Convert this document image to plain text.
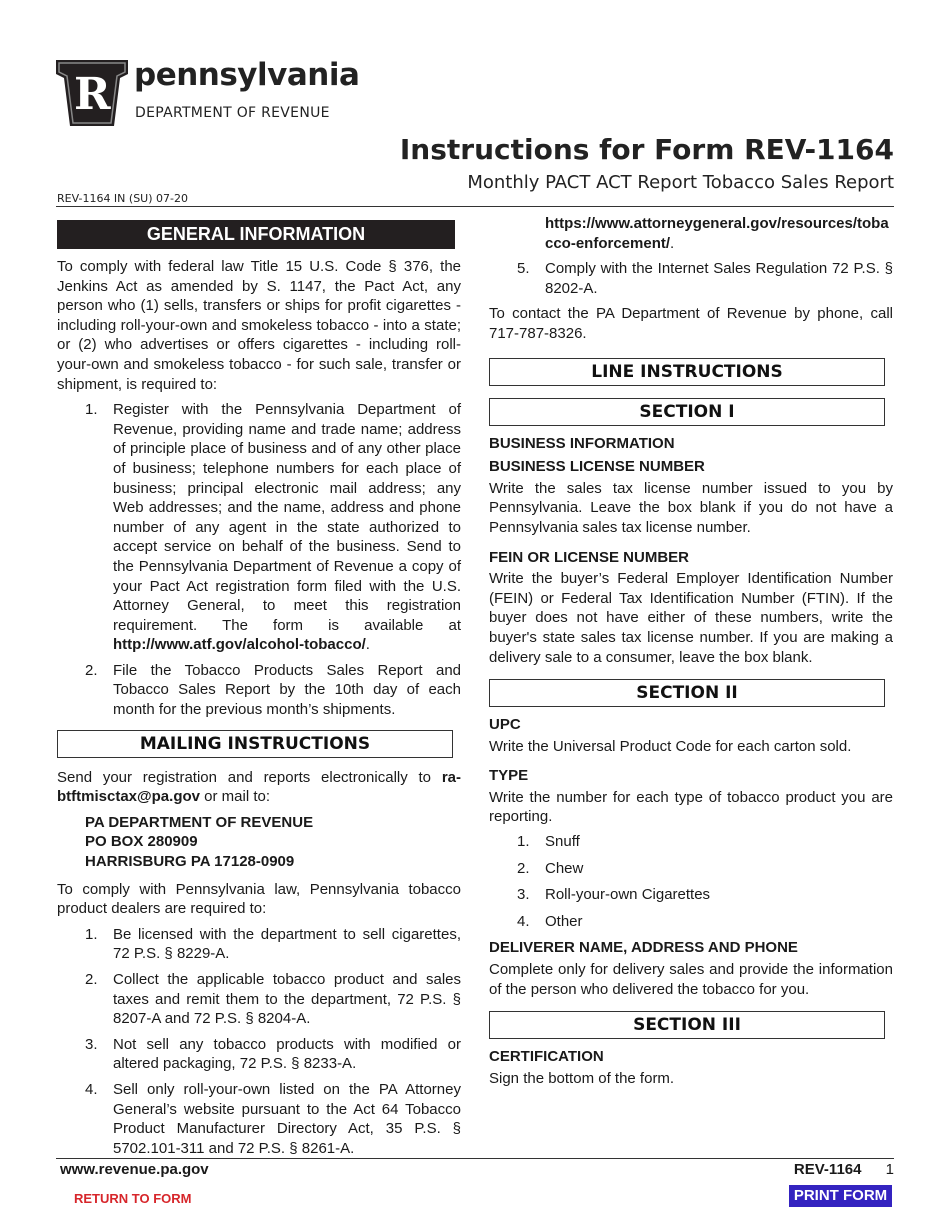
R pennsylvania
DEPARTMENT OF REVENUE
Instructions for Form REV-1164
Monthly PACT ACT Report Tobacco Sales Report
REV-1164 IN (SU) 07-20
GENERAL INFORMATION

To comply with federal law Title 15 U.S. Code § 376, the Jenkins Act as amended by S. 1147, the Pact Act, any person who (1) sells, transfers or ships for profit cigarettes - including roll-your-own and smokeless tobacco - into a state; or (2) who advertises or offers cigarettes - including roll-your-own and smokeless tobacco - for such sale, transfer or shipment, is required to:

1. Register with the Pennsylvania Department of Revenue, providing name and trade name; address of principle place of business and of any other place of business; telephone numbers for each place of business; principal electronic mail address; any Web addresses; and the name, address and phone number of any agent in the state authorized to accept service on behalf of the business. Send to the Pennsylvania Department of Revenue a copy of your Pact Act registration form filed with the U.S. Attorney General, to meet this registration requirement. The form is available at http://www.atf.gov/alcohol-tobacco/.
2. File the Tobacco Products Sales Report and Tobacco Sales Report by the 10th day of each month for the previous month’s shipments.
MAILING INSTRUCTIONS

Send your registration and reports electronically to ra-btftmisctax@pa.gov or mail to:

PA DEPARTMENT OF REVENUE
PO BOX 280909
HARRISBURG PA 17128-0909

To comply with Pennsylvania law, Pennsylvania tobacco product dealers are required to:

1. Be licensed with the department to sell cigarettes, 72 P.S. § 8229-A.
2. Collect the applicable tobacco product and sales taxes and remit them to the department, 72 P.S. § 8207-A and 72 P.S. § 8204-A.
3. Not sell any tobacco products with modified or altered packaging, 72 P.S. § 8233-A.
4. Sell only roll-your-own listed on the PA Attorney General’s website pursuant to the Act 64 Tobacco Product Manufacturer Directory Act, 35 P.S. § 5702.101-311 and 72 P.S. § 8261-A.
https://www.attorneygeneral.gov/resources/tobacco-enforcement/.
5. Comply with the Internet Sales Regulation 72 P.S. § 8202-A.

To contact the PA Department of Revenue by phone, call 717-787-8326.

LINE INSTRUCTIONS
SECTION I

BUSINESS INFORMATION

BUSINESS LICENSE NUMBER

Write the sales tax license number issued to you by Pennsylvania. Leave the box blank if you do not have a Pennsylvania sales tax license number.

FEIN OR LICENSE NUMBER

Write the buyer’s Federal Employer Identification Number (FEIN) or Federal Tax Identification Number (FTIN). If the buyer does not have either of these numbers, write the buyer's state sales tax license number. If you are making a delivery sale to a consumer, leave the box blank.

SECTION II

UPC

Write the Universal Product Code for each carton sold.

TYPE

Write the number for each type of tobacco product you are reporting.

1. Snuff
2. Chew
3. Roll-your-own Cigarettes
4. Other

DELIVERER NAME, ADDRESS AND PHONE

Complete only for delivery sales and provide the information of the person who delivered the tobacco for you.

SECTION III

CERTIFICATION

Sign the bottom of the form.

www.revenue.pa.gov	REV-1164 1
RETURN TO FORM	PRINT FORM
